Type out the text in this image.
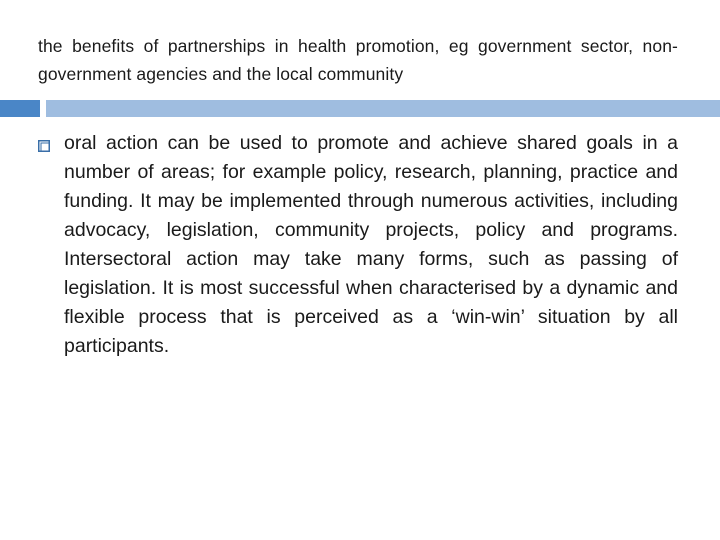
the benefits of partnerships in health promotion, eg government sector, non-government agencies and the local community
oral action can be used to promote and achieve shared goals in a number of areas; for example policy, research, planning, practice and funding. It may be implemented through numerous activities, including advocacy, legislation, community projects, policy and programs. Intersectoral action may take many forms, such as passing of legislation. It is most successful when characterised by a dynamic and flexible process that is perceived as a ‘win-win’ situation by all participants.
